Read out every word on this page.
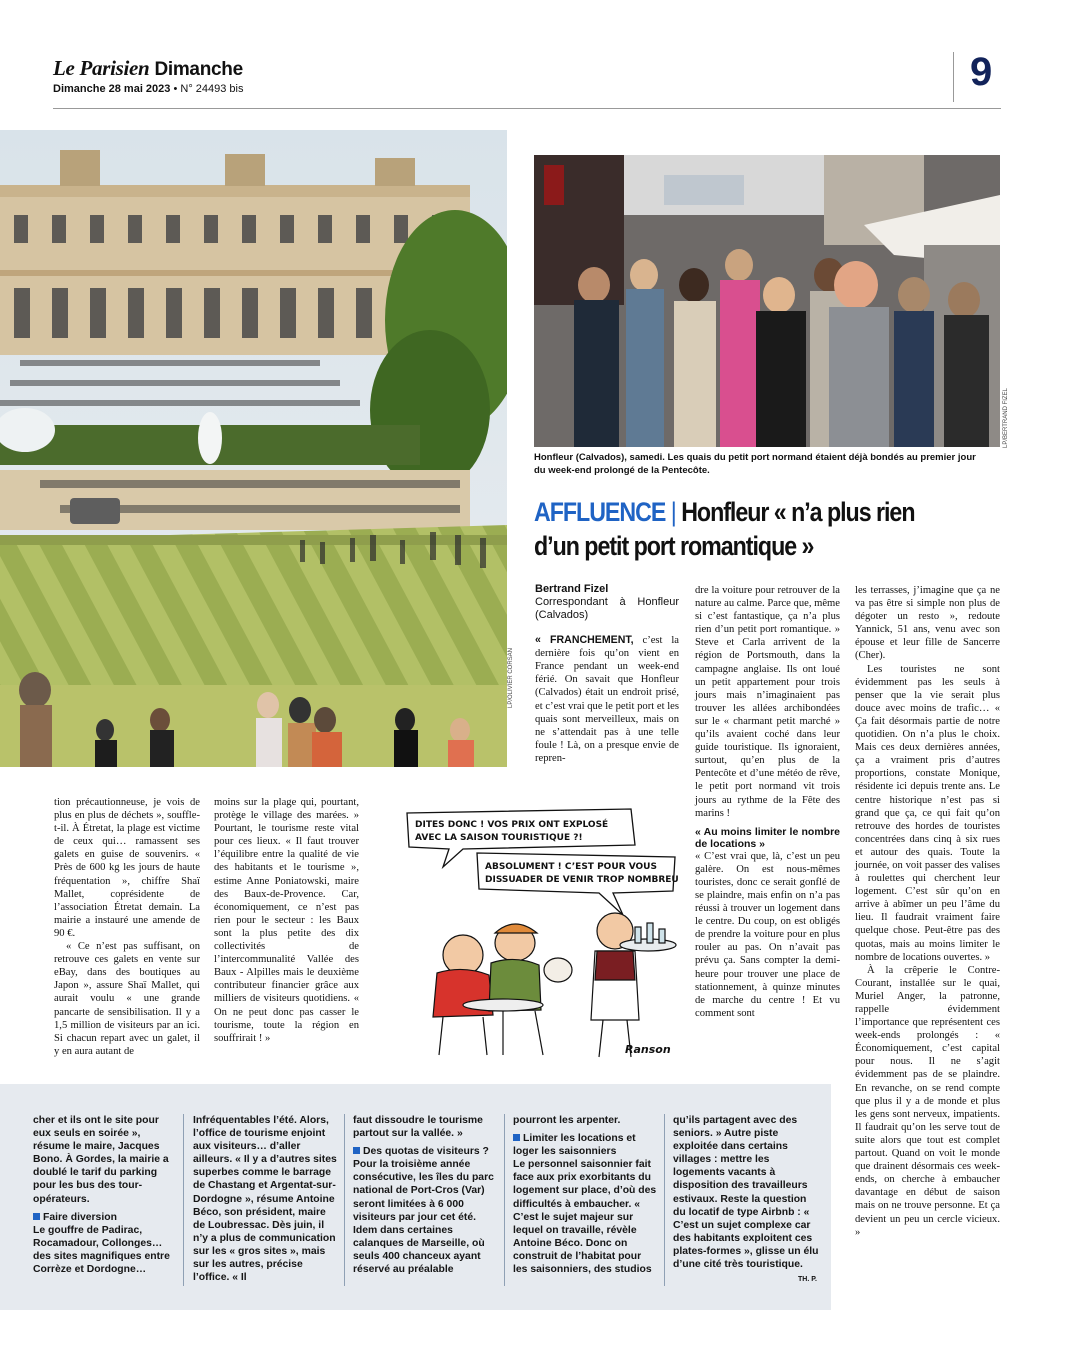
Le Parisien Dimanche
Dimanche 28 mai 2023 • N° 24493 bis	9
LP/OLIVIER CORSAN
LP/BERTRAND FIZEL
Honfleur (Calvados), samedi. Les quais du petit port normand étaient déjà bondés au premier jour du week-end prolongé de la Pentecôte.
AFFLUENCE | Honfleur « n’a plus rien
d’un petit port romantique »
Bertrand Fizel
Correspondant à Honfleur (Calvados)

« FRANCHEMENT, c’est la dernière fois qu’on vient en France pendant un week-end férié. On savait que Honfleur (Calvados) était un endroit prisé, et c’est vrai que le petit port et les quais sont merveilleux, mais on ne s’attendait pas à une telle foule ! Là, on a presque envie de repren-

dre la voiture pour retrouver de la nature au calme. Parce que, même si c’est fantastique, ça n’a plus rien d’un petit port romantique. » Steve et Carla arrivent de la région de Portsmouth, dans la campagne anglaise. Ils ont loué un petit appartement pour trois jours mais n’imaginaient pas trouver les allées archibondées sur le « charmant petit marché » qu’ils avaient coché dans leur guide touristique. Ils ignoraient, surtout, qu’en plus de la Pentecôte et d’une météo de rêve, le petit port normand vit trois jours au rythme de la Fête des marins !

« Au moins limiter le nombre de locations »

« C’est vrai que, là, c’est un peu galère. On est nous-mêmes touristes, donc ce serait gonflé de se plaindre, mais enfin on n’a pas réussi à trouver un logement dans le centre. Du coup, on est obligés de prendre la voiture pour en plus rouler au pas. On n’avait pas prévu ça. Sans compter la demi-heure pour trouver une place de stationnement, à quinze minutes de marche du centre ! Et vu comment sont

les terrasses, j’imagine que ça ne va pas être si simple non plus de dégoter un resto », redoute Yannick, 51 ans, venu avec son épouse et leur fille de Sancerre (Cher).

Les touristes ne sont évidemment pas les seuls à penser que la vie serait plus douce avec moins de trafic… « Ça fait désormais partie de notre quotidien. On n’a plus le choix. Mais ces deux dernières années, ça a vraiment pris d’autres proportions, constate Monique, résidente ici depuis trente ans. Le centre historique n’est pas si grand que ça, ce qui fait qu’on retrouve des hordes de touristes concentrées dans cinq à six rues et autour des quais. Toute la journée, on voit passer des valises à roulettes qui cherchent leur logement. C’est sûr qu’on en arrive à abîmer un peu l’âme du lieu. Il faudrait vraiment faire quelque chose. Peut-être pas des quotas, mais au moins limiter le nombre de locations ouvertes. »

À la crêperie le Contre-Courant, installée sur le quai, Muriel Anger, la patronne, rappelle évidemment l’importance que représentent ces week-ends prolongés : « Économiquement, c’est capital pour nous. Il ne s’agit évidemment pas de se plaindre. En revanche, on se rend compte que plus il y a de monde et plus les gens sont nerveux, impatients. Il faudrait qu’on les serve tout de suite alors que tout est complet partout. Quand on voit le monde que drainent désormais ces week-ends, on cherche à embaucher davantage en début de saison mais on ne trouve personne. Et ça devient un peu un cercle vicieux. »

tion précautionneuse, je vois de plus en plus de déchets », souffle-t-il. À Étretat, la plage est victime de ceux qui… ramassent ses galets en guise de souvenirs. « Près de 600 kg les jours de haute fréquentation », chiffre Shaï Mallet, coprésidente de l’association Étretat demain. La mairie a instauré une amende de 90 €.

« Ce n’est pas suffisant, on retrouve ces galets en vente sur eBay, dans des boutiques au Japon », assure Shaï Mallet, qui aurait voulu « une grande pancarte de sensibilisation. Il y a 1,5 million de visiteurs par an ici. Si chacun repart avec un galet, il y en aura autant de

moins sur la plage qui, pourtant, protège le village des marées. » Pourtant, le tourisme reste vital pour ces lieux. « Il faut trouver l’équilibre entre la qualité de vie des habitants et le tourisme », estime Anne Poniatowski, maire des Baux-de-Provence. Car, économiquement, ce n’est pas rien pour le secteur : les Baux sont la plus petite des dix collectivités de l’intercommunalité Vallée des Baux - Alpilles mais le deuxième contributeur financier grâce aux milliers de visiteurs quotidiens. « On ne peut donc pas casser le tourisme, toute la région en souffrirait ! »

DITES DONC ! VOS PRIX ONT EXPLOSÉ
AVEC LA SAISON TOURISTIQUE ?!
ABSOLUMENT ! C’EST POUR VOUS
DISSUADER DE VENIR TROP NOMBREUX.
Ranson
cher et ils ont le site pour eux seuls en soirée », résume le maire, Jacques Bono. À Gordes, la mairie a doublé le tarif du parking pour les bus des tour-opérateurs.
Faire diversion
Le gouffre de Padirac, Rocamadour, Collonges… des sites magnifiques entre Corrèze et Dordogne…
Infréquentables l’été. Alors, l’office de tourisme enjoint aux visiteurs… d’aller ailleurs. « Il y a d’autres sites superbes comme le barrage de Chastang et Argentat-sur-Dordogne », résume Antoine Béco, son président, maire de Loubressac. Dès juin, il n’y a plus de communication sur les « gros sites », mais sur les autres, précise l’office. « Il
faut dissoudre le tourisme partout sur la vallée. »
Des quotas de visiteurs ?
Pour la troisième année consécutive, les îles du parc national de Port-Cros (Var) seront limitées à 6 000 visiteurs par jour cet été. Idem dans certaines calanques de Marseille, où seuls 400 chanceux ayant réservé au préalable
pourront les arpenter.
Limiter les locations et loger les saisonniers
Le personnel saisonnier fait face aux prix exorbitants du logement sur place, d’où des difficultés à embaucher. « C’est le sujet majeur sur lequel on travaille, révèle Antoine Béco. Donc on construit de l’habitat pour les saisonniers, des studios
qu’ils partagent avec des seniors. » Autre piste exploitée dans certains villages : mettre les logements vacants à disposition des travailleurs estivaux. Reste la question du locatif de type Airbnb : « C’est un sujet complexe car des habitants exploitent ces plates-formes », glisse un élu d’une cité très touristique.
TH. P.
